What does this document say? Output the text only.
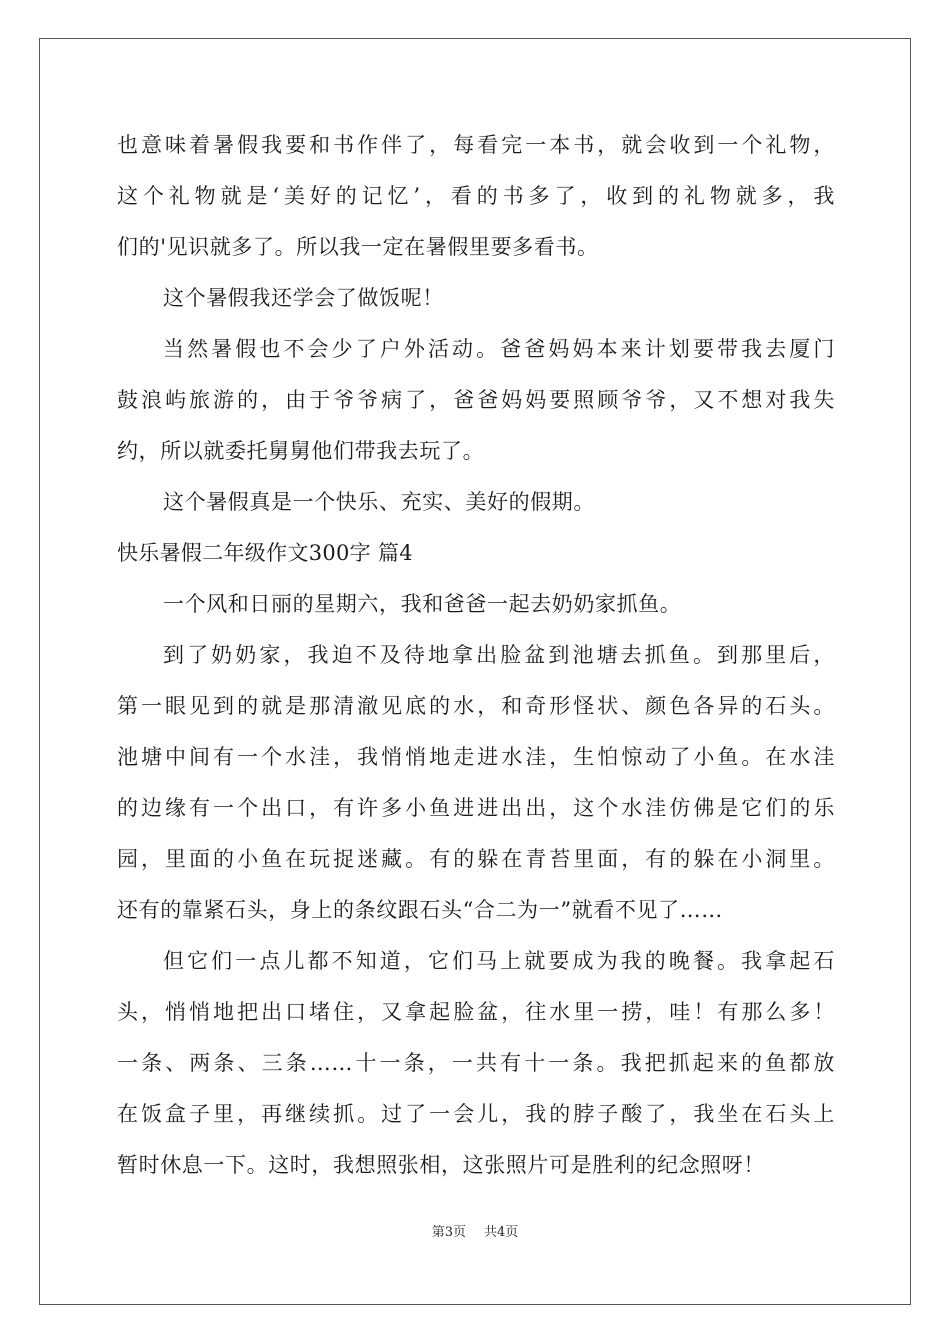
也意味着暑假我要和书作伴了，每看完一本书，就会收到一个礼物，
这个礼物就是‘美好的记忆’，看的书多了，收到的礼物就多，我
们的'见识就多了。所以我一定在暑假里要多看书。
这个暑假我还学会了做饭呢！
当然暑假也不会少了户外活动。爸爸妈妈本来计划要带我去厦门
鼓浪屿旅游的，由于爷爷病了，爸爸妈妈要照顾爷爷，又不想对我失
约，所以就委托舅舅他们带我去玩了。
这个暑假真是一个快乐、充实、美好的假期。
快乐暑假二年级作文300字 篇4
一个风和日丽的星期六，我和爸爸一起去奶奶家抓鱼。
到了奶奶家，我迫不及待地拿出脸盆到池塘去抓鱼。到那里后，
第一眼见到的就是那清澈见底的水，和奇形怪状、颜色各异的石头。
池塘中间有一个水洼，我悄悄地走进水洼，生怕惊动了小鱼。在水洼
的边缘有一个出口，有许多小鱼进进出出，这个水洼仿佛是它们的乐
园，里面的小鱼在玩捉迷藏。有的躲在青苔里面，有的躲在小洞里。
还有的靠紧石头，身上的条纹跟石头“合二为一”就看不见了……
但它们一点儿都不知道，它们马上就要成为我的晚餐。我拿起石
头，悄悄地把出口堵住，又拿起脸盆，往水里一捞，哇！有那么多！
一条、两条、三条……十一条，一共有十一条。我把抓起来的鱼都放
在饭盒子里，再继续抓。过了一会儿，我的脖子酸了，我坐在石头上
暂时休息一下。这时，我想照张相，这张照片可是胜利的纪念照呀！
第3页 共4页
